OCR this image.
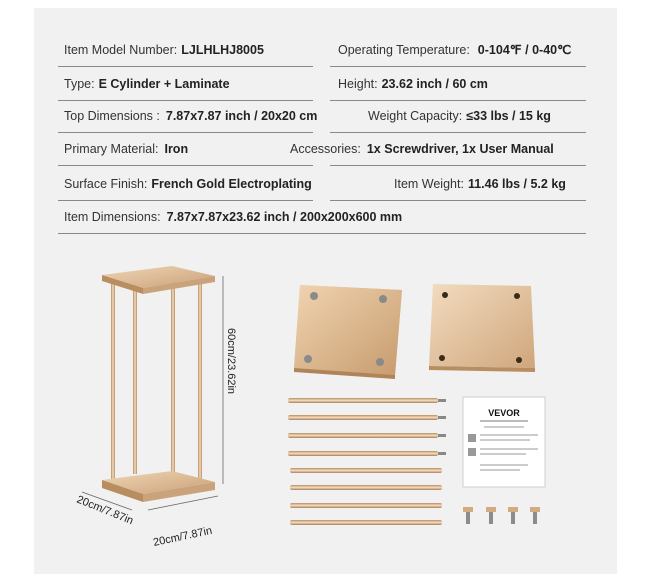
Item Model Number: LJLHLHJ8005	Operating Temperature: 0-104℉ / 0-40℃
Type: E Cylinder + Laminate	Height: 23.62 inch / 60 cm
Top Dimensions : 7.87x7.87 inch / 20x20 cm	Weight Capacity: ≤33 lbs / 15 kg
Primary Material: Iron	Accessories: 1x Screwdriver, 1x User Manual
Surface Finish: French Gold Electroplating	Item Weight: 11.46 lbs / 5.2 kg
Item Dimensions: 7.87x7.87x23.62 inch / 200x200x600 mm
60cm/23.62in
20cm/7.87in
20cm/7.87in
VEVOR
